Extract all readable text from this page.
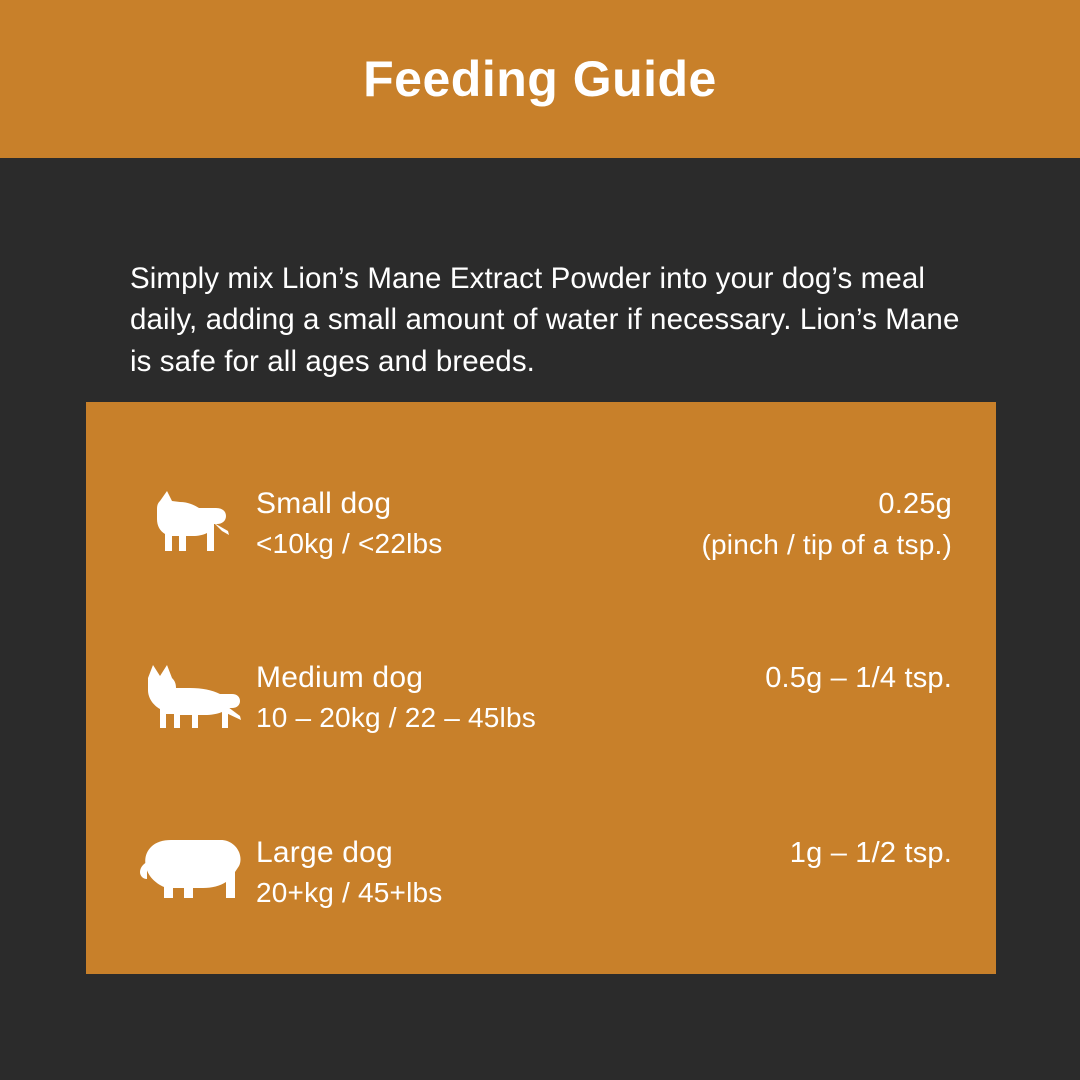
Feeding Guide

Simply mix Lion’s Mane Extract Powder into your dog’s meal daily, adding a small amount of water if necessary. Lion’s Mane is safe for all ages and breeds.

Small dog
<10kg / <22lbs
0.25g
(pinch / tip of a tsp.)
Medium dog
10 – 20kg / 22 – 45lbs
0.5g – 1/4 tsp.
Large dog
20+kg / 45+lbs
1g – 1/2 tsp.
